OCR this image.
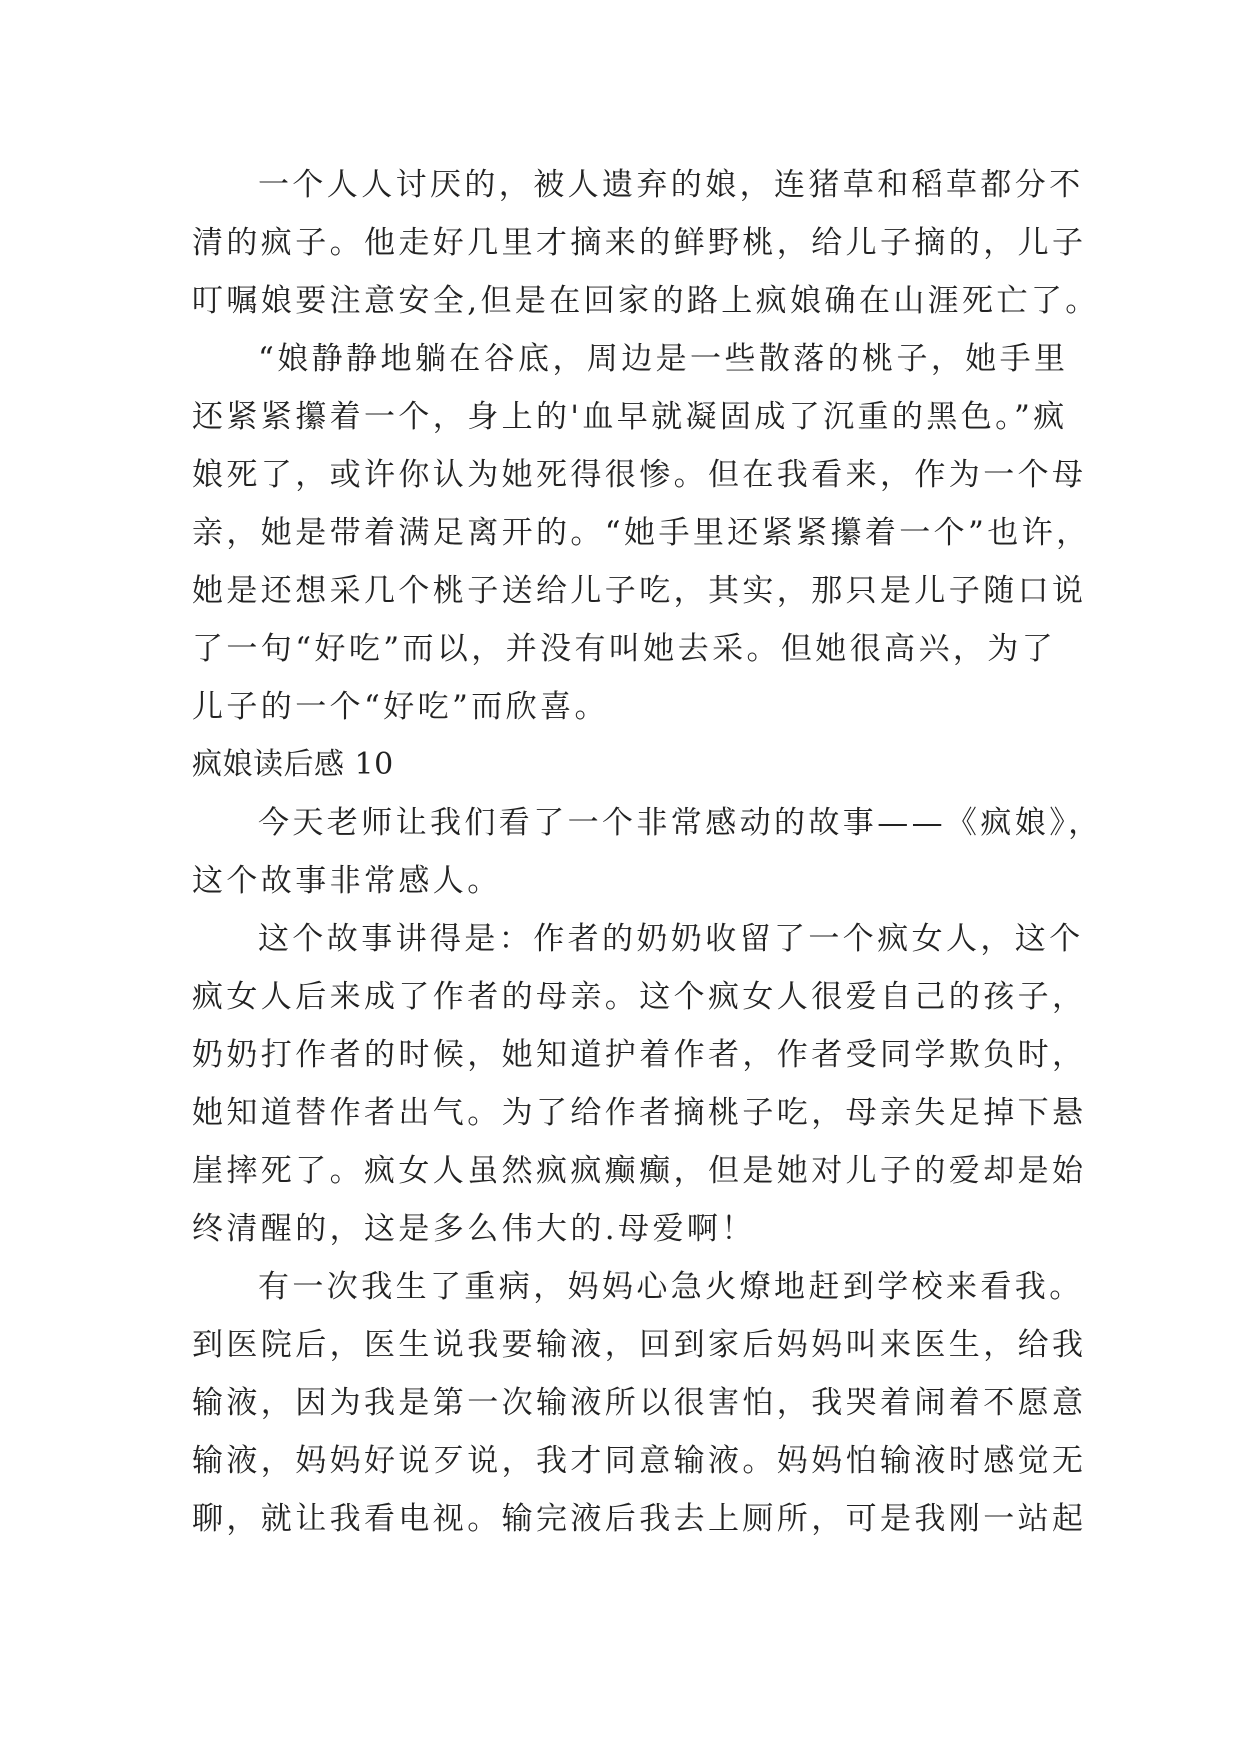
一个人人讨厌的，被人遗弃的娘，连猪草和稻草都分不
清的疯子。他走好几里才摘来的鲜野桃，给儿子摘的，儿子
叮嘱娘要注意安全,但是在回家的路上疯娘确在山涯死亡了。
“娘静静地躺在谷底，周边是一些散落的桃子，她手里
还紧紧攥着一个，身上的'血早就凝固成了沉重的黑色。”疯
娘死了，或许你认为她死得很惨。但在我看来，作为一个母
亲，她是带着满足离开的。“她手里还紧紧攥着一个”也许，
她是还想采几个桃子送给儿子吃，其实，那只是儿子随口说
了一句“好吃”而以，并没有叫她去采。但她很高兴，为了
儿子的一个“好吃”而欣喜。
疯娘读后感 10
今天老师让我们看了一个非常感动的故事——《疯娘》，
这个故事非常感人。
这个故事讲得是：作者的奶奶收留了一个疯女人，这个
疯女人后来成了作者的母亲。这个疯女人很爱自己的孩子，
奶奶打作者的时候，她知道护着作者，作者受同学欺负时，
她知道替作者出气。为了给作者摘桃子吃，母亲失足掉下悬
崖摔死了。疯女人虽然疯疯癫癫，但是她对儿子的爱却是始
终清醒的，这是多么伟大的.母爱啊！
有一次我生了重病，妈妈心急火燎地赶到学校来看我。
到医院后，医生说我要输液，回到家后妈妈叫来医生，给我
输液，因为我是第一次输液所以很害怕，我哭着闹着不愿意
输液，妈妈好说歹说，我才同意输液。妈妈怕输液时感觉无
聊，就让我看电视。输完液后我去上厕所，可是我刚一站起
